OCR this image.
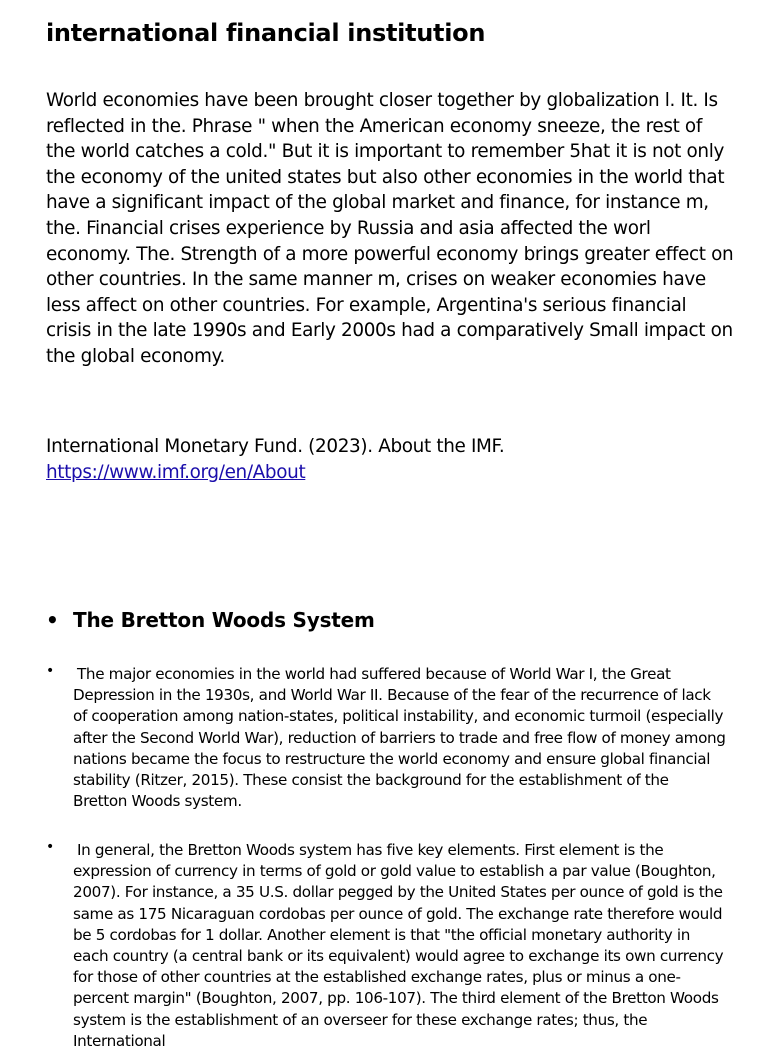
international financial institution

World economies have been brought closer together by globalization l. It. Is reflected in the. Phrase " when the American economy sneeze, the rest of the world catches a cold." But it is important to remember 5hat it is not only the economy of the united states but also other economies in the world that have a significant impact of the global market and finance, for instance m, the. Financial crises experience by Russia and asia affected the worl economy. The. Strength of a more powerful economy brings greater effect on other countries. In the same manner m, crises on weaker economies have less affect on other countries. For example, Argentina's serious financial crisis in the late 1990s and Early 2000s had a comparatively Small impact on the global economy.

International Monetary Fund. (2023). About the IMF.
https://www.imf.org/en/About
• The Bretton Woods System
• The major economies in the world had suffered because of World War I, the Great Depression in the 1930s, and World War II. Because of the fear of the recurrence of lack of cooperation among nation-states, political instability, and economic turmoil (especially after the Second World War), reduction of barriers to trade and free flow of money among nations became the focus to restructure the world economy and ensure global financial stability (Ritzer, 2015). These consist the background for the establishment of the Bretton Woods system.
• In general, the Bretton Woods system has five key elements. First element is the expression of currency in terms of gold or gold value to establish a par value (Boughton, 2007). For instance, a 35 U.S. dollar pegged by the United States per ounce of gold is the same as 175 Nicaraguan cordobas per ounce of gold. The exchange rate therefore would be 5 cordobas for 1 dollar. Another element is that "the official monetary authority in each country (a central bank or its equivalent) would agree to exchange its own currency for those of other countries at the established exchange rates, plus or minus a one-percent margin" (Boughton, 2007, pp. 106-107). The third element of the Bretton Woods system is the establishment of an overseer for these exchange rates; thus, the International
